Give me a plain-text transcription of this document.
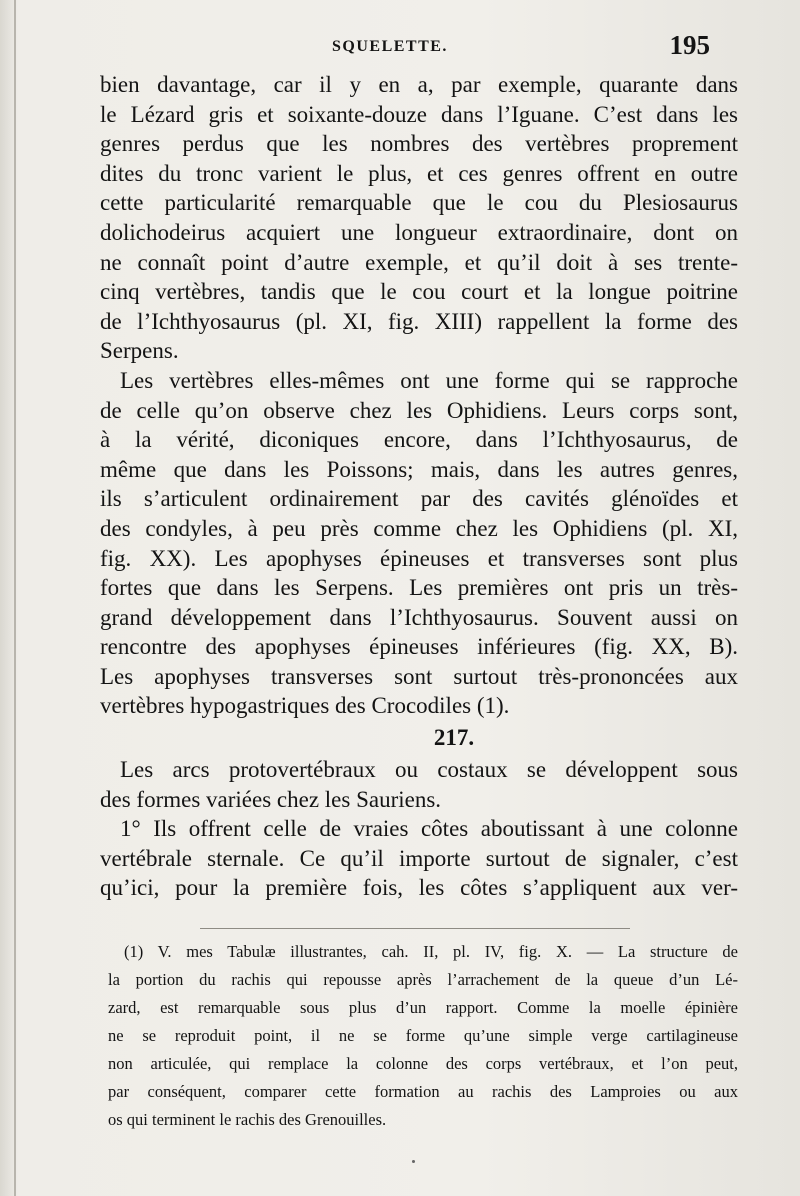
SQUELETTE.	195
bien davantage, car il y en a, par exemple, quarante dans
le Lézard gris et soixante-douze dans l’Iguane. C’est dans les
genres perdus que les nombres des vertèbres proprement
dites du tronc varient le plus, et ces genres offrent en outre
cette particularité remarquable que le cou du Plesiosaurus
dolichodeirus acquiert une longueur extraordinaire, dont on
ne connaît point d’autre exemple, et qu’il doit à ses trente-
cinq vertèbres, tandis que le cou court et la longue poitrine
de l’Ichthyosaurus (pl. XI, fig. XIII) rappellent la forme des
Serpens.
Les vertèbres elles-mêmes ont une forme qui se rapproche
de celle qu’on observe chez les Ophidiens. Leurs corps sont,
à la vérité, diconiques encore, dans l’Ichthyosaurus, de
même que dans les Poissons; mais, dans les autres genres,
ils s’articulent ordinairement par des cavités glénoïdes et
des condyles, à peu près comme chez les Ophidiens (pl. XI,
fig. XX). Les apophyses épineuses et transverses sont plus
fortes que dans les Serpens. Les premières ont pris un très-
grand développement dans l’Ichthyosaurus. Souvent aussi on
rencontre des apophyses épineuses inférieures (fig. XX, B).
Les apophyses transverses sont surtout très-prononcées aux
vertèbres hypogastriques des Crocodiles (1).
217.
Les arcs protovertébraux ou costaux se développent sous
des formes variées chez les Sauriens.
1° Ils offrent celle de vraies côtes aboutissant à une colonne
vertébrale sternale. Ce qu’il importe surtout de signaler, c’est
qu’ici, pour la première fois, les côtes s’appliquent aux ver-
(1) V. mes Tabulæ illustrantes, cah. II, pl. IV, fig. X. — La structure de
la portion du rachis qui repousse après l’arrachement de la queue d’un Lé-
zard, est remarquable sous plus d’un rapport. Comme la moelle épinière
ne se reproduit point, il ne se forme qu’une simple verge cartilagineuse
non articulée, qui remplace la colonne des corps vertébraux, et l’on peut,
par conséquent, comparer cette formation au rachis des Lamproies ou aux
os qui terminent le rachis des Grenouilles.
